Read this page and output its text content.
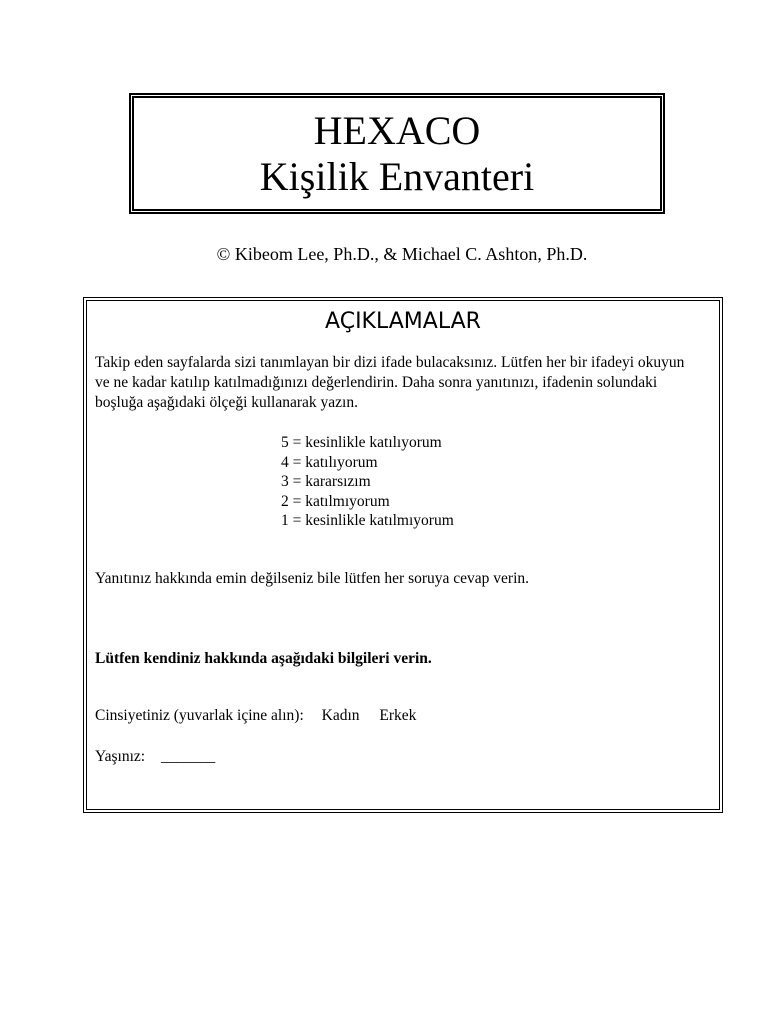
HEXACO
Kişilik Envanteri
© Kibeom Lee, Ph.D., & Michael C. Ashton, Ph.D.
AÇIKLAMALAR
Takip eden sayfalarda sizi tanımlayan bir dizi ifade bulacaksınız. Lütfen her bir ifadeyi okuyun ve ne kadar katılıp katılmadığınızı değerlendirin. Daha sonra yanıtınızı, ifadenin solundaki boşluğa aşağıdaki ölçeği kullanarak yazın.
5 = kesinlikle katılıyorum
4 = katılıyorum
3 = kararsızım
2 = katılmıyorum
1 = kesinlikle katılmıyorum
Yanıtınız hakkında emin değilseniz bile lütfen her soruya cevap verin.
Lütfen kendiniz hakkında aşağıdaki bilgileri verin.
Cinsiyetiniz (yuvarlak içine alın): Kadın Erkek
Yaşınız: _______
